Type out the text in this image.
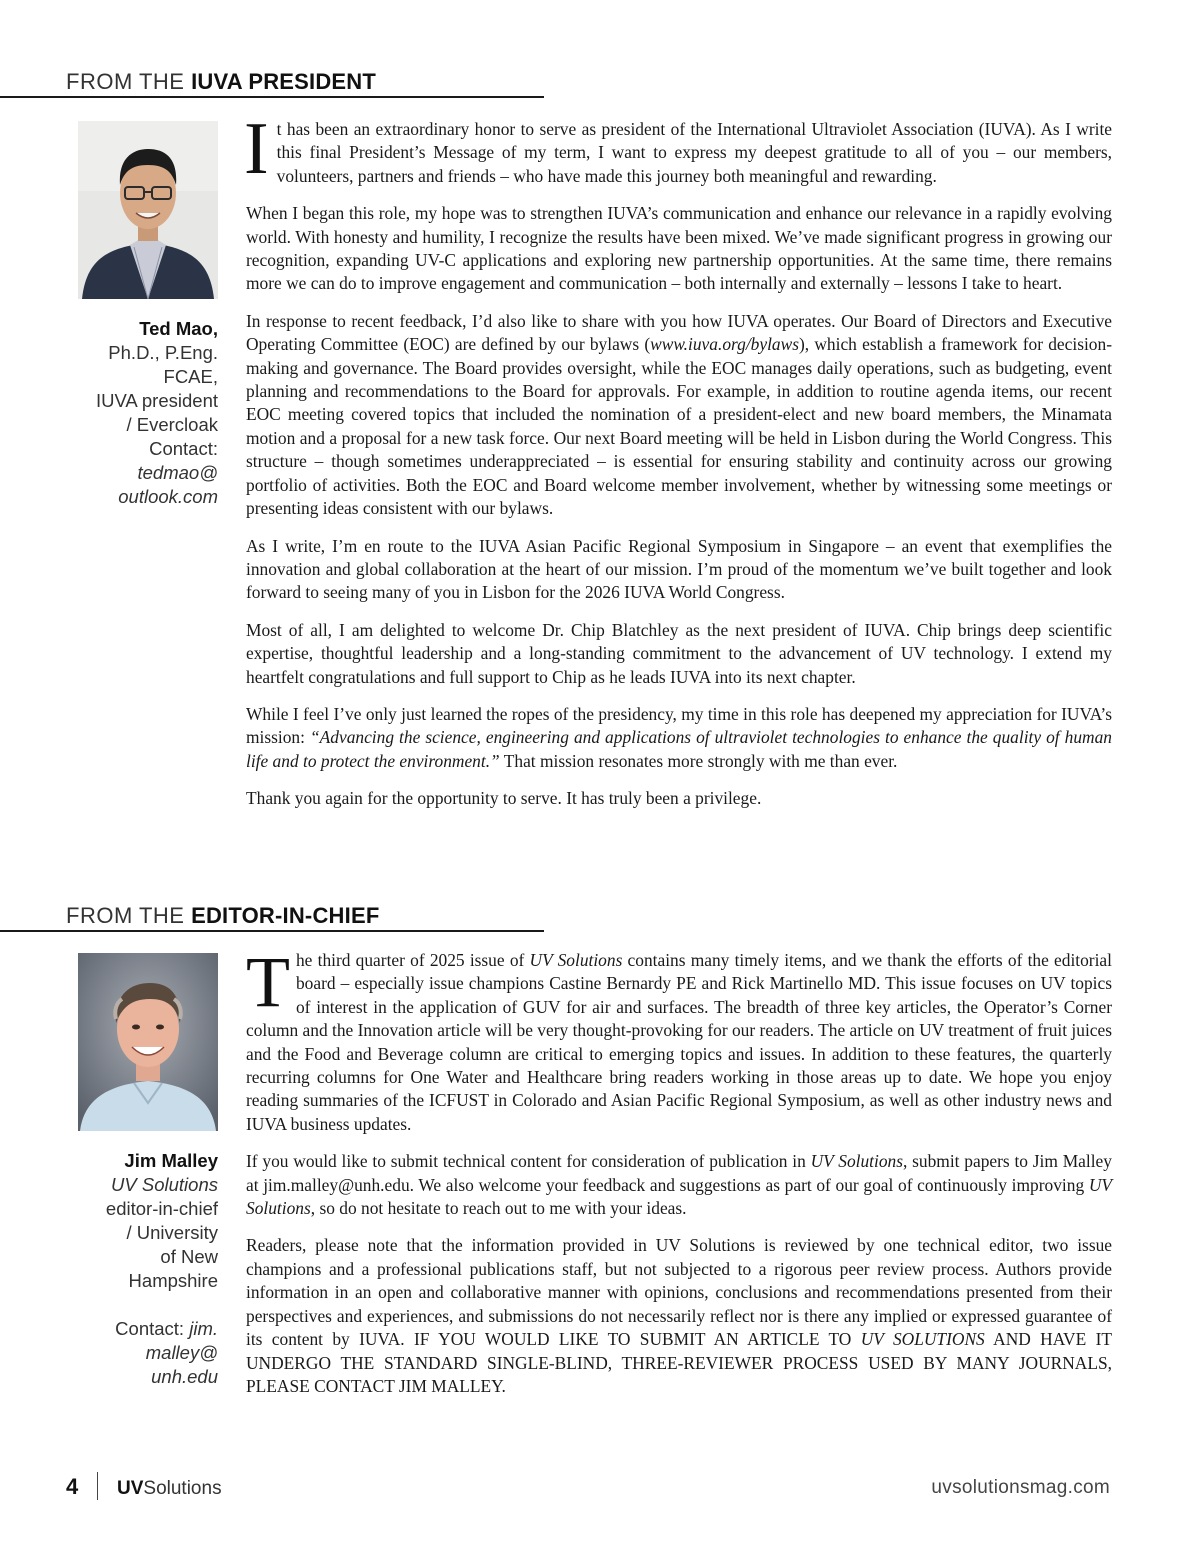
FROM THE IUVA PRESIDENT
Ted Mao,
Ph.D., P.Eng.
FCAE,
IUVA president
/ Evercloak
Contact:
tedmao@
outlook.com

It has been an extraordinary honor to serve as president of the International Ultraviolet Association (IUVA). As I write this final President’s Message of my term, I want to express my deepest gratitude to all of you – our members, volunteers, partners and friends – who have made this journey both meaningful and rewarding.

When I began this role, my hope was to strengthen IUVA’s communication and enhance our relevance in a rapidly evolving world. With honesty and humility, I recognize the results have been mixed. We’ve made significant progress in growing our recognition, expanding UV-C applications and exploring new partnership opportunities. At the same time, there remains more we can do to improve engagement and communication – both internally and externally – lessons I take to heart.

In response to recent feedback, I’d also like to share with you how IUVA operates. Our Board of Directors and Executive Operating Committee (EOC) are defined by our bylaws (www.iuva.org/bylaws), which establish a framework for decision-making and governance. The Board provides oversight, while the EOC manages daily operations, such as budgeting, event planning and recommendations to the Board for approvals. For example, in addition to routine agenda items, our recent EOC meeting covered topics that included the nomination of a president-elect and new board members, the Minamata motion and a proposal for a new task force. Our next Board meeting will be held in Lisbon during the World Congress. This structure – though sometimes underappreciated – is essential for ensuring stability and continuity across our growing portfolio of activities. Both the EOC and Board welcome member involvement, whether by witnessing some meetings or presenting ideas consistent with our bylaws.

As I write, I’m en route to the IUVA Asian Pacific Regional Symposium in Singapore – an event that exemplifies the innovation and global collaboration at the heart of our mission. I’m proud of the momentum we’ve built together and look forward to seeing many of you in Lisbon for the 2026 IUVA World Congress.

Most of all, I am delighted to welcome Dr. Chip Blatchley as the next president of IUVA. Chip brings deep scientific expertise, thoughtful leadership and a long-standing commitment to the advancement of UV technology. I extend my heartfelt congratulations and full support to Chip as he leads IUVA into its next chapter.

While I feel I’ve only just learned the ropes of the presidency, my time in this role has deepened my appreciation for IUVA’s mission: “Advancing the science, engineering and applications of ultraviolet technologies to enhance the quality of human life and to protect the environment.” That mission resonates more strongly with me than ever.

Thank you again for the opportunity to serve. It has truly been a privilege.

FROM THE EDITOR-IN-CHIEF
Jim Malley
UV Solutions
editor-in-chief
/ University
of New
Hampshire
Contact: jim.
malley@
unh.edu

The third quarter of 2025 issue of UV Solutions contains many timely items, and we thank the efforts of the editorial board – especially issue champions Castine Bernardy PE and Rick Martinello MD. This issue focuses on UV topics of interest in the application of GUV for air and surfaces. The breadth of three key articles, the Operator’s Corner column and the Innovation article will be very thought-provoking for our readers. The article on UV treatment of fruit juices and the Food and Beverage column are critical to emerging topics and issues. In addition to these features, the quarterly recurring columns for One Water and Healthcare bring readers working in those areas up to date. We hope you enjoy reading summaries of the ICFUST in Colorado and Asian Pacific Regional Symposium, as well as other industry news and IUVA business updates.

If you would like to submit technical content for consideration of publication in UV Solutions, submit papers to Jim Malley at jim.malley@unh.edu. We also welcome your feedback and suggestions as part of our goal of continuously improving UV Solutions, so do not hesitate to reach out to me with your ideas.

Readers, please note that the information provided in UV Solutions is reviewed by one technical editor, two issue champions and a professional publications staff, but not subjected to a rigorous peer review process. Authors provide information in an open and collaborative manner with opinions, conclusions and recommendations presented from their perspectives and experiences, and submissions do not necessarily reflect nor is there any implied or expressed guarantee of its content by IUVA. IF YOU WOULD LIKE TO SUBMIT AN ARTICLE TO UV SOLUTIONS AND HAVE IT UNDERGO THE STANDARD SINGLE-BLIND, THREE-REVIEWER PROCESS USED BY MANY JOURNALS, PLEASE CONTACT JIM MALLEY.

4 UVSolutions	uvsolutionsmag.com
